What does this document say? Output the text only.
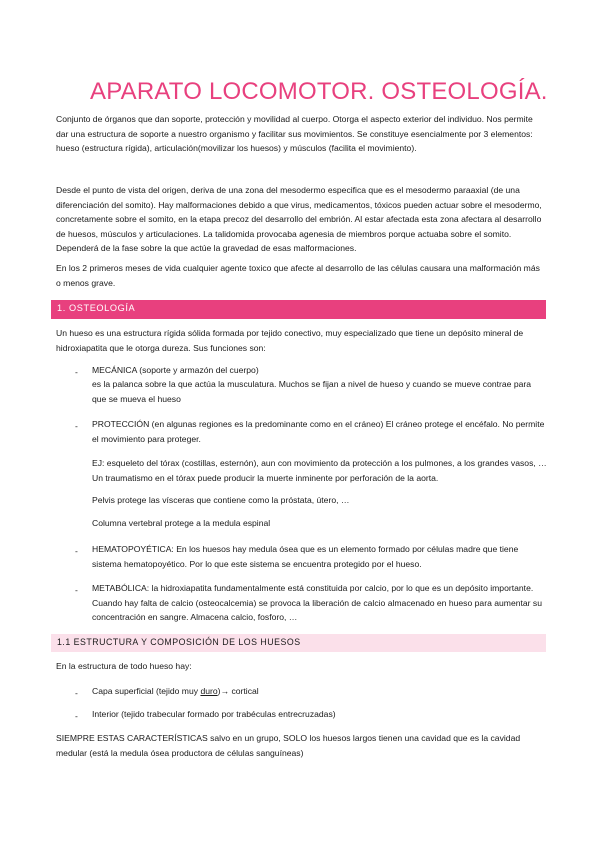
APARATO LOCOMOTOR. OSTEOLOGÍA.
Conjunto de órganos que dan soporte, protección y movilidad al cuerpo. Otorga el aspecto exterior del individuo. Nos permite dar una estructura de soporte a nuestro organismo y facilitar sus movimientos. Se constituye esencialmente por 3 elementos: hueso (estructura rígida), articulación(movilizar los huesos) y músculos (facilita el movimiento).
Desde el punto de vista del origen, deriva de una zona del mesodermo especifica que es el mesodermo paraaxial (de una diferenciación del somito). Hay malformaciones debido a que virus, medicamentos, tóxicos pueden actuar sobre el mesodermo, concretamente sobre el somito, en la etapa precoz del desarrollo del embrión. Al estar afectada esta zona afectara al desarrollo de huesos, músculos y articulaciones. La talidomida provocaba agenesia de miembros porque actuaba sobre el somito. Dependerá de la fase sobre la que actúe la gravedad de esas malformaciones.
En los 2 primeros meses de vida cualquier agente toxico que afecte al desarrollo de las células causara una malformación más o menos grave.
1. OSTEOLOGÍA
Un hueso es una estructura rígida sólida formada por tejido conectivo, muy especializado que tiene un depósito mineral de hidroxiapatita que le otorga dureza. Sus funciones son:
- MECÁNICA (soporte y armazón del cuerpo)
es la palanca sobre la que actúa la musculatura. Muchos se fijan a nivel de hueso y cuando se mueve contrae para que se mueva el hueso
- PROTECCIÓN (en algunas regiones es la predominante como en el cráneo) El cráneo protege el encéfalo. No permite el movimiento para proteger.
EJ: esqueleto del tórax (costillas, esternón), aun con movimiento da protección a los pulmones, a los grandes vasos, … Un traumatismo en el tórax puede producir la muerte inminente por perforación de la aorta.
Pelvis protege las vísceras que contiene como la próstata, útero, …
Columna vertebral protege a la medula espinal
- HEMATOPOYÉTICA: En los huesos hay medula ósea que es un elemento formado por células madre que tiene sistema hematopoyético. Por lo que este sistema se encuentra protegido por el hueso.
- METABÓLICA: la hidroxiapatita fundamentalmente está constituida por calcio, por lo que es un depósito importante. Cuando hay falta de calcio (osteocalcemia) se provoca la liberación de calcio almacenado en hueso para aumentar su concentración en sangre. Almacena calcio, fosforo, …
1.1 ESTRUCTURA Y COMPOSICIÓN DE LOS HUESOS
En la estructura de todo hueso hay:
- Capa superficial (tejido muy duro)→ cortical
- Interior (tejido trabecular formado por trabéculas entrecruzadas)
SIEMPRE ESTAS CARACTERÍSTICAS salvo en un grupo, SOLO los huesos largos tienen una cavidad que es la cavidad medular (está la medula ósea productora de células sanguíneas)
